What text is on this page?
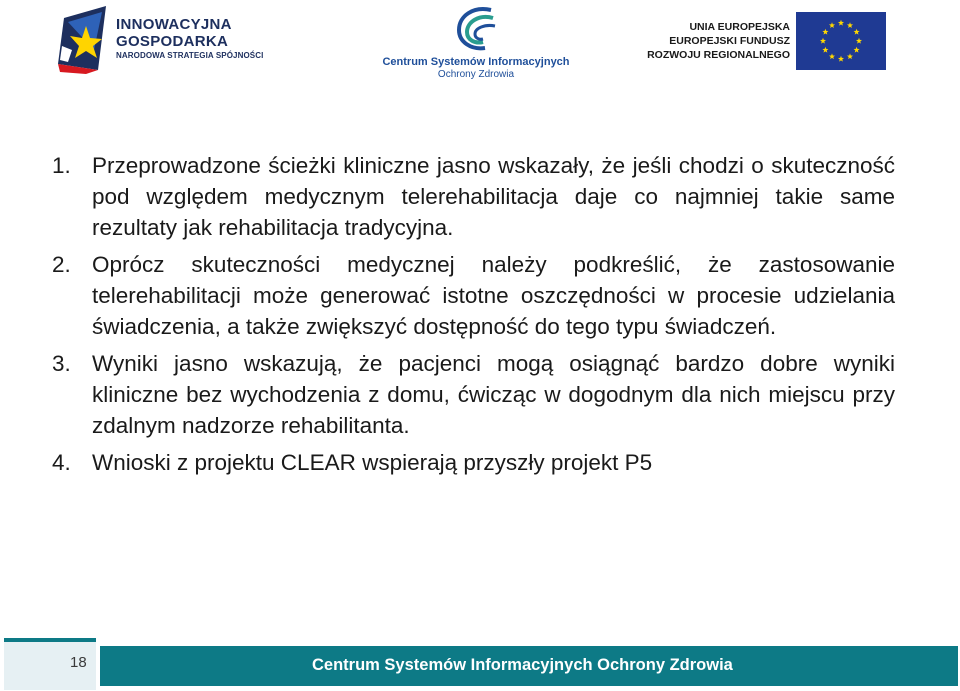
INNOWACYJNA
GOSPODARKA
NARODOWA STRATEGIA SPÓJNOŚCI
Centrum Systemów Informacyjnych
Ochrony Zdrowia
UNIA EUROPEJSKA
EUROPEJSKI FUNDUSZ
ROZWOJU REGIONALNEGO
1. Przeprowadzone ścieżki kliniczne jasno wskazały, że jeśli chodzi o skuteczność pod względem medycznym telerehabilitacja daje co najmniej takie same rezultaty jak rehabilitacja tradycyjna.
2. Oprócz skuteczności medycznej należy podkreślić, że zastosowanie telerehabilitacji może generować istotne oszczędności w procesie udzielania świadczenia, a także zwiększyć dostępność do tego typu świadczeń.
3. Wyniki jasno wskazują, że pacjenci mogą osiągnąć bardzo dobre wyniki kliniczne bez wychodzenia z domu, ćwicząc w dogodnym dla nich miejscu przy zdalnym nadzorze rehabilitanta.
4. Wnioski z projektu CLEAR wspierają przyszły projekt P5
18	Centrum Systemów Informacyjnych Ochrony Zdrowia
